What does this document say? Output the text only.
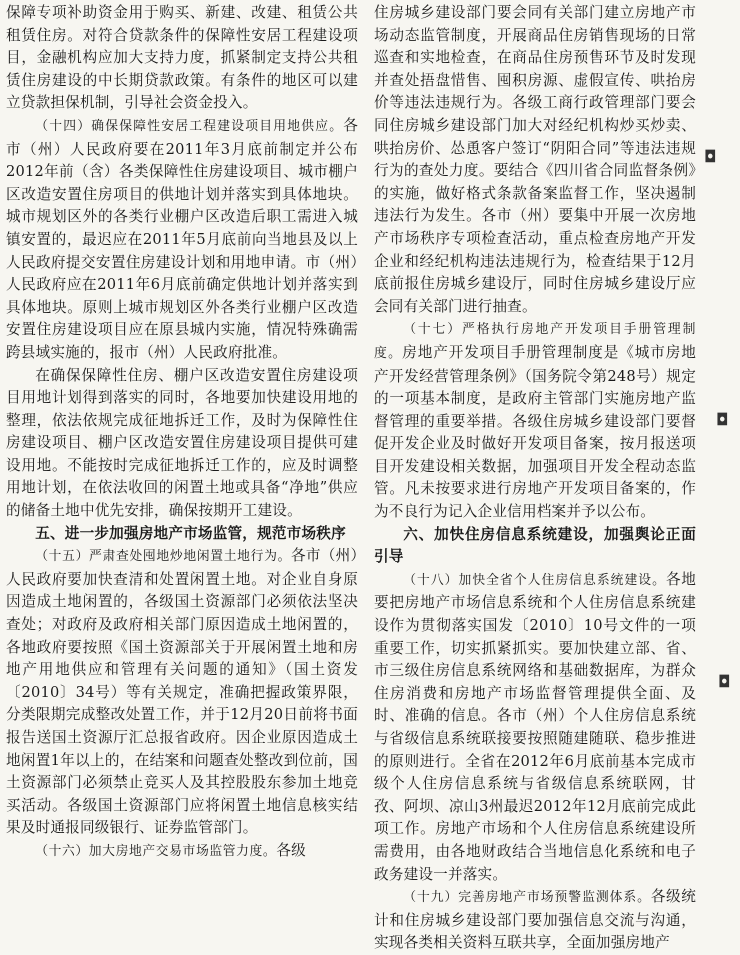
保障专项补助资金用于购买、新建、改建、租赁公共租赁住房。对符合贷款条件的保障性安居工程建设项目，金融机构应加大支持力度，抓紧制定支持公共租赁住房建设的中长期贷款政策。有条件的地区可以建立贷款担保机制，引导社会资金投入。

（十四）确保保障性安居工程建设项目用地供应。各市（州）人民政府要在2011年3月底前制定并公布2012年前（含）各类保障性住房建设项目、城市棚户区改造安置住房项目的供地计划并落实到具体地块。城市规划区外的各类行业棚户区改造后职工需进入城镇安置的，最迟应在2011年5月底前向当地县及以上人民政府提交安置住房建设计划和用地申请。市（州）人民政府应在2011年6月底前确定供地计划并落实到具体地块。原则上城市规划区外各类行业棚户区改造安置住房建设项目应在原县城内实施，情况特殊确需跨县域实施的，报市（州）人民政府批准。

在确保保障性住房、棚户区改造安置住房建设项目用地计划得到落实的同时，各地要加快建设用地的整理，依法依规完成征地拆迁工作，及时为保障性住房建设项目、棚户区改造安置住房建设项目提供可建设用地。不能按时完成征地拆迁工作的，应及时调整用地计划，在依法收回的闲置土地或具备“净地”供应的储备土地中优先安排，确保按期开工建设。

五、进一步加强房地产市场监管，规范市场秩序

（十五）严肃查处囤地炒地闲置土地行为。各市（州）人民政府要加快查清和处置闲置土地。对企业自身原因造成土地闲置的，各级国土资源部门必须依法坚决查处；对政府及政府相关部门原因造成土地闲置的，各地政府要按照《国土资源部关于开展闲置土地和房地产用地供应和管理有关问题的通知》（国土资发〔2010〕34号）等有关规定，准确把握政策界限，分类限期完成整改处置工作，并于12月20日前将书面报告送国土资源厅汇总报省政府。因企业原因造成土地闲置1年以上的，在结案和问题查处整改到位前，国土资源部门必须禁止竞买人及其控股股东参加土地竞买活动。各级国土资源部门应将闲置土地信息核实结果及时通报同级银行、证券监管部门。

（十六）加大房地产交易市场监管力度。各级

住房城乡建设部门要会同有关部门建立房地产市场动态监管制度，开展商品住房销售现场的日常巡查和实地检查，在商品住房预售环节及时发现并查处捂盘惜售、囤积房源、虚假宣传、哄抬房价等违法违规行为。各级工商行政管理部门要会同住房城乡建设部门加大对经纪机构炒买炒卖、哄抬房价、怂恿客户签订“阴阳合同”等违法违规行为的查处力度。要结合《四川省合同监督条例》的实施，做好格式条款备案监督工作，坚决遏制违法行为发生。各市（州）要集中开展一次房地产市场秩序专项检查活动，重点检查房地产开发企业和经纪机构违法违规行为，检查结果于12月底前报住房城乡建设厅，同时住房城乡建设厅应会同有关部门进行抽查。

（十七）严格执行房地产开发项目手册管理制度。房地产开发项目手册管理制度是《城市房地产开发经营管理条例》（国务院令第248号）规定的一项基本制度，是政府主管部门实施房地产监督管理的重要举措。各级住房城乡建设部门要督促开发企业及时做好开发项目备案，按月报送项目开发建设相关数据，加强项目开发全程动态监管。凡未按要求进行房地产开发项目备案的，作为不良行为记入企业信用档案并予以公布。

六、加快住房信息系统建设，加强舆论正面引导

（十八）加快全省个人住房信息系统建设。各地要把房地产市场信息系统和个人住房信息系统建设作为贯彻落实国发〔2010〕10号文件的一项重要工作，切实抓紧抓实。要加快建立部、省、市三级住房信息系统网络和基础数据库，为群众住房消费和房地产市场监督管理提供全面、及时、准确的信息。各市（州）个人住房信息系统与省级信息系统联接要按照随建随联、稳步推进的原则进行。全省在2012年6月底前基本完成市级个人住房信息系统与省级信息系统联网，甘孜、阿坝、凉山3州最迟2012年12月底前完成此项工作。房地产市场和个人住房信息系统建设所需费用，由各地财政结合当地信息化系统和电子政务建设一并落实。

（十九）完善房地产市场预警监测体系。各级统计和住房城乡建设部门要加强信息交流与沟通，实现各类相关资料互联共享，全面加强房地产

◘
◘
◘
